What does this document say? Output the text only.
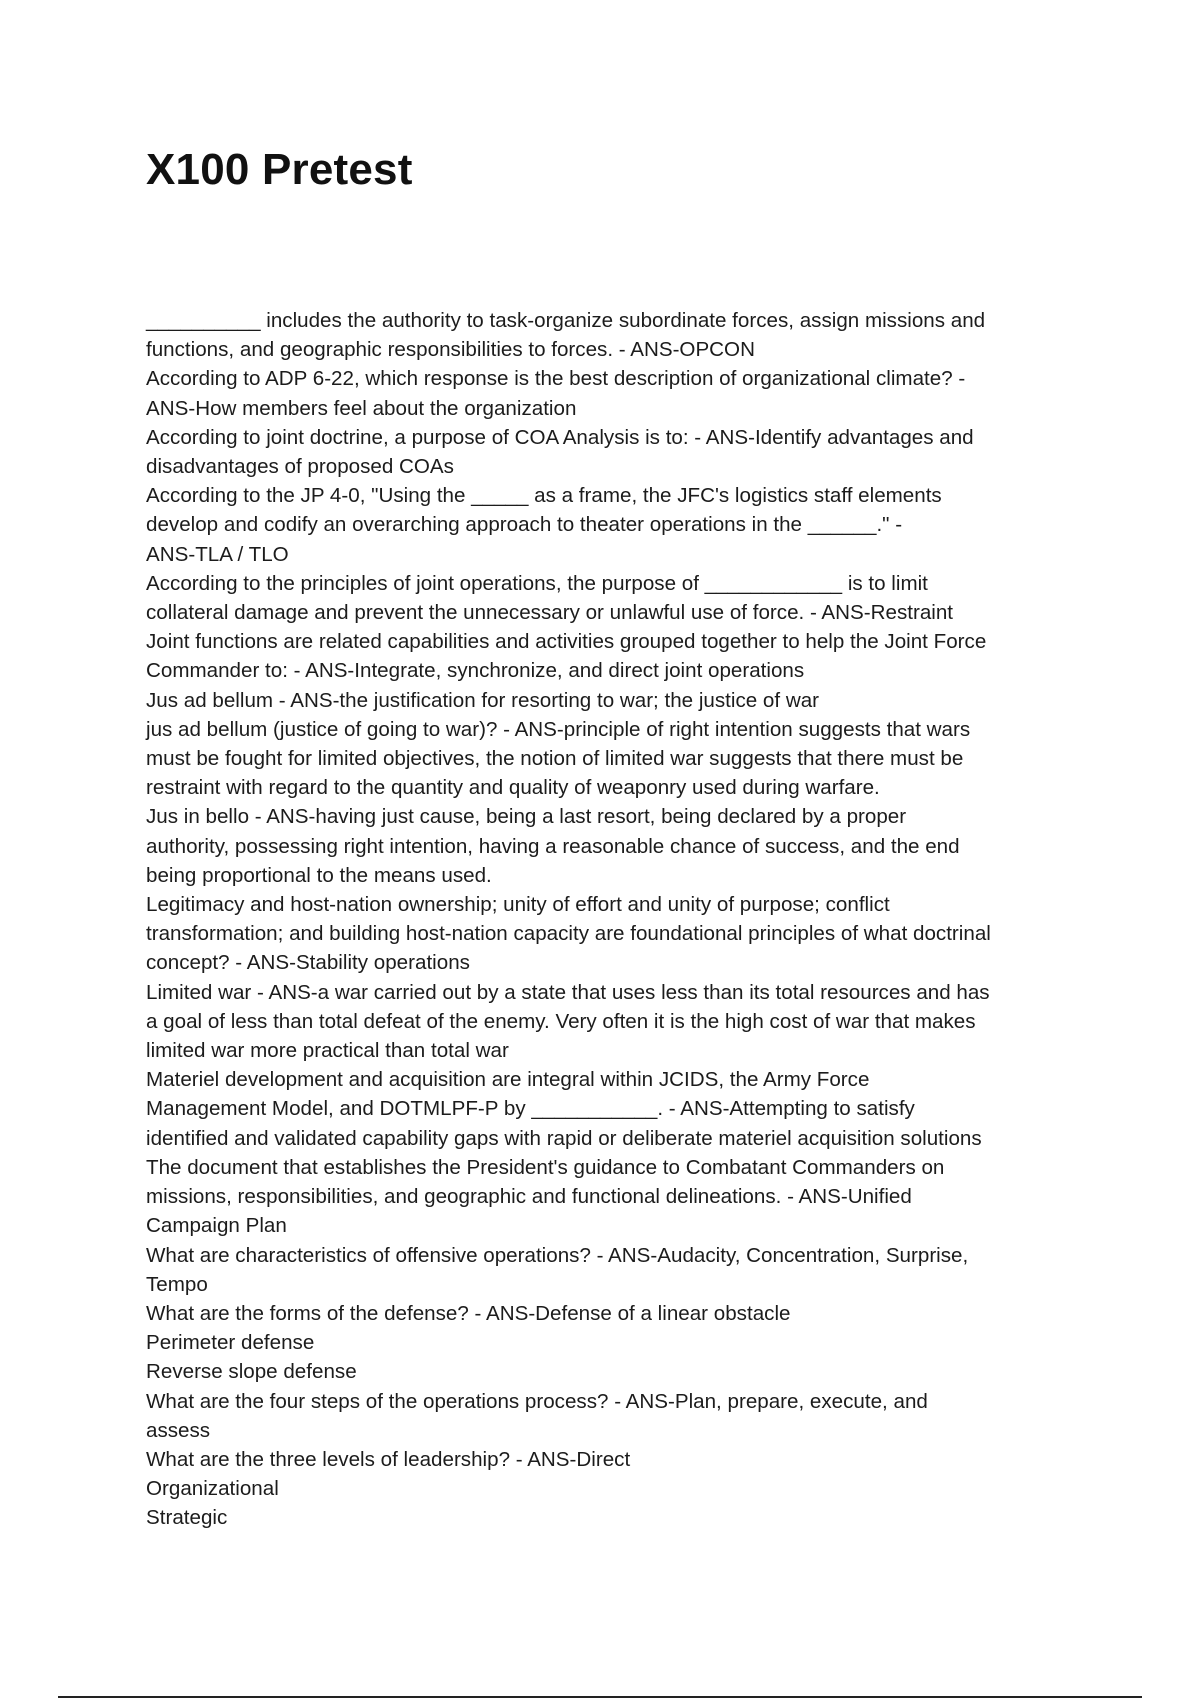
X100 Pretest

__________ includes the authority to task-organize subordinate forces, assign missions and

functions, and geographic responsibilities to forces. - ANS-OPCON

According to ADP 6-22, which response is the best description of organizational climate? -

ANS-How members feel about the organization

According to joint doctrine, a purpose of COA Analysis is to: - ANS-Identify advantages and

disadvantages of proposed COAs

According to the JP 4-0, "Using the _____ as a frame, the JFC's logistics staff elements

develop and codify an overarching approach to theater operations in the ______." -

ANS-TLA / TLO

According to the principles of joint operations, the purpose of ____________ is to limit

collateral damage and prevent the unnecessary or unlawful use of force. - ANS-Restraint

Joint functions are related capabilities and activities grouped together to help the Joint Force

Commander to: - ANS-Integrate, synchronize, and direct joint operations

Jus ad bellum - ANS-the justification for resorting to war; the justice of war

jus ad bellum (justice of going to war)? - ANS-principle of right intention suggests that wars

must be fought for limited objectives, the notion of limited war suggests that there must be

restraint with regard to the quantity and quality of weaponry used during warfare.

Jus in bello - ANS-having just cause, being a last resort, being declared by a proper

authority, possessing right intention, having a reasonable chance of success, and the end

being proportional to the means used.

Legitimacy and host-nation ownership; unity of effort and unity of purpose; conflict

transformation; and building host-nation capacity are foundational principles of what doctrinal

concept? - ANS-Stability operations

Limited war - ANS-a war carried out by a state that uses less than its total resources and has

a goal of less than total defeat of the enemy. Very often it is the high cost of war that makes

limited war more practical than total war

Materiel development and acquisition are integral within JCIDS, the Army Force

Management Model, and DOTMLPF-P by ___________. - ANS-Attempting to satisfy

identified and validated capability gaps with rapid or deliberate materiel acquisition solutions

The document that establishes the President's guidance to Combatant Commanders on

missions, responsibilities, and geographic and functional delineations. - ANS-Unified

Campaign Plan

What are characteristics of offensive operations? - ANS-Audacity, Concentration, Surprise,

Tempo

What are the forms of the defense? - ANS-Defense of a linear obstacle

Perimeter defense

Reverse slope defense

What are the four steps of the operations process? - ANS-Plan, prepare, execute, and

assess

What are the three levels of leadership? - ANS-Direct

Organizational

Strategic
